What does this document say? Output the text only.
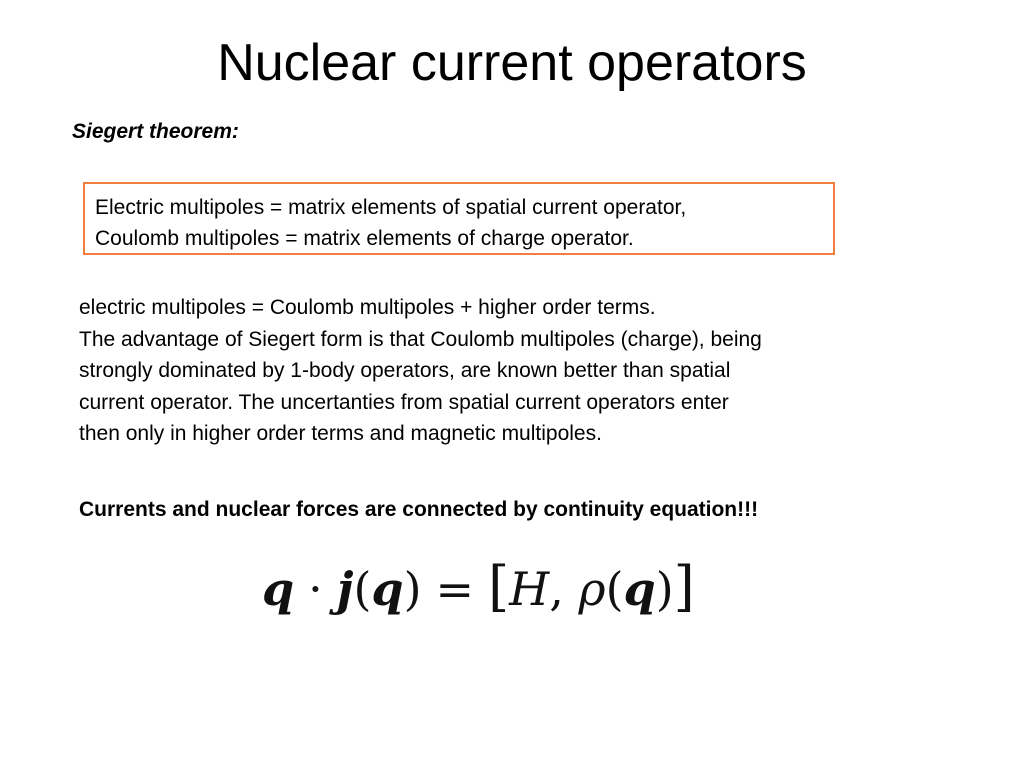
Nuclear current operators
Siegert theorem:
Electric multipoles = matrix elements of spatial current operator,
Coulomb multipoles = matrix elements of charge operator.
electric multipoles = Coulomb multipoles + higher order terms.
The advantage of Siegert form is that Coulomb multipoles (charge), being
strongly dominated by 1-body operators, are known better than spatial
current operator. The uncertanties from spatial current operators enter
then only in higher order terms and magnetic multipoles.
Currents and nuclear forces are connected by continuity equation!!!
q · j(q) = [H, ρ(q)]
